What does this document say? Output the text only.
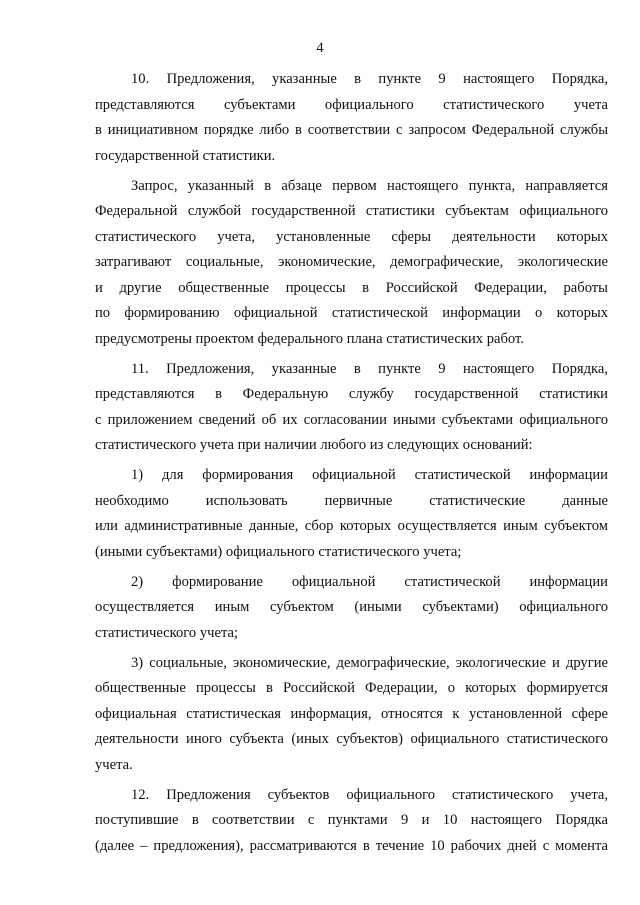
4
10. Предложения, указанные в пункте 9 настоящего Порядка,
представляются субъектами официального статистического учета
в инициативном порядке либо в соответствии с запросом Федеральной службы
государственной статистики.
Запрос, указанный в абзаце первом настоящего пункта, направляется
Федеральной службой государственной статистики субъектам официального
статистического учета, установленные сферы деятельности которых
затрагивают социальные, экономические, демографические, экологические
и другие общественные процессы в Российской Федерации, работы
по формированию официальной статистической информации о которых
предусмотрены проектом федерального плана статистических работ.
11. Предложения, указанные в пункте 9 настоящего Порядка,
представляются в Федеральную службу государственной статистики
с приложением сведений об их согласовании иными субъектами официального
статистического учета при наличии любого из следующих оснований:
1) для формирования официальной статистической информации
необходимо использовать первичные статистические данные
или административные данные, сбор которых осуществляется иным субъектом
(иными субъектами) официального статистического учета;
2) формирование официальной статистической информации
осуществляется иным субъектом (иными субъектами) официального
статистического учета;
3) социальные, экономические, демографические, экологические и другие
общественные процессы в Российской Федерации, о которых формируется
официальная статистическая информация, относятся к установленной сфере
деятельности иного субъекта (иных субъектов) официального статистического
учета.
12. Предложения субъектов официального статистического учета,
поступившие в соответствии с пунктами 9 и 10 настоящего Порядка
(далее – предложения), рассматриваются в течение 10 рабочих дней с момента
